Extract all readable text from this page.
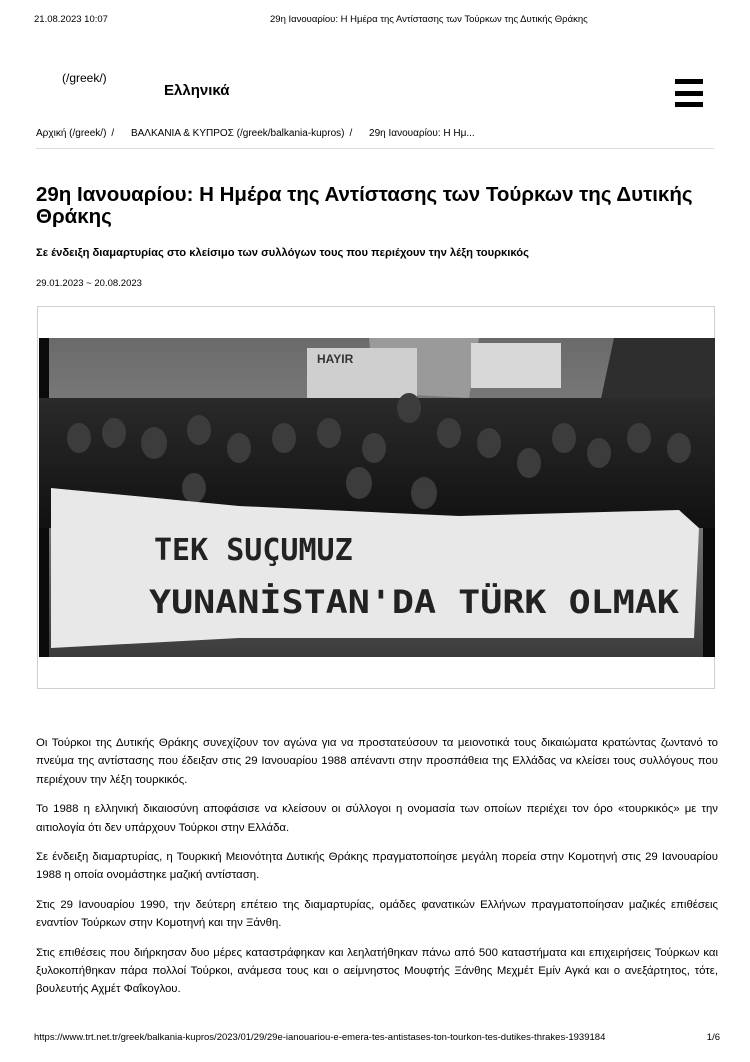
21.08.2023 10:07	29η Ιανουαρίου: Η Ημέρα της Αντίστασης των Τούρκων της Δυτικής Θράκης
(/greek/)
Ελληνικά
Αρχική (/greek/) / ΒΑΛΚΑΝΙΑ & ΚΥΠΡΟΣ (/greek/balkania-kupros) / 29η Ιανουαρίου: Η Ημ...
29η Ιανουαρίου: Η Ημέρα της Αντίστασης των Τούρκων της Δυτικής Θράκης

Σε ένδειξη διαμαρτυρίας στο κλείσιμο των συλλόγων τους που περιέχουν την λέξη τουρκικός

29.01.2023 ~ 20.08.2023
HAYIR
TEK SUÇUMUZ
YUNANİSTAN'DA TÜRK OLMAK

Οι Τούρκοι της Δυτικής Θράκης συνεχίζουν τον αγώνα για να προστατεύσουν τα μειονοτικά τους δικαιώματα κρατώντας ζωντανό το πνεύμα της αντίστασης που έδειξαν στις 29 Ιανουαρίου 1988 απέναντι στην προσπάθεια της Ελλάδας να κλείσει τους συλλόγους που περιέχουν την λέξη τουρκικός.

Το 1988 η ελληνική δικαιοσύνη αποφάσισε να κλείσουν οι σύλλογοι η ονομασία των οποίων περιέχει τον όρο «τουρκικός» με την αιτιολογία ότι δεν υπάρχουν Τούρκοι στην Ελλάδα.

Σε ένδειξη διαμαρτυρίας, η Τουρκική Μειονότητα Δυτικής Θράκης πραγματοποίησε μεγάλη πορεία στην Κομοτηνή στις 29 Ιανουαρίου 1988 η οποία ονομάστηκε μαζική αντίσταση.

Στις 29 Ιανουαρίου 1990, την δεύτερη επέτειο της διαμαρτυρίας, ομάδες φανατικών Ελλήνων πραγματοποίησαν μαζικές επιθέσεις εναντίον Τούρκων στην Κομοτηνή και την Ξάνθη.

Στις επιθέσεις που διήρκησαν δυο μέρες καταστράφηκαν και λεηλατήθηκαν πάνω από 500 καταστήματα και επιχειρήσεις Τούρκων και ξυλοκοπήθηκαν πάρα πολλοί Τούρκοι, ανάμεσα τους και ο αείμνηστος Μουφτής Ξάνθης Μεχμέτ Εμίν Αγκά και ο ανεξάρτητος, τότε, βουλευτής Αχμέτ Φαΐκογλου.

https://www.trt.net.tr/greek/balkania-kupros/2023/01/29/29e-ianouariou-e-emera-tes-antistases-ton-tourkon-tes-dutikes-thrakes-1939184	1/6
